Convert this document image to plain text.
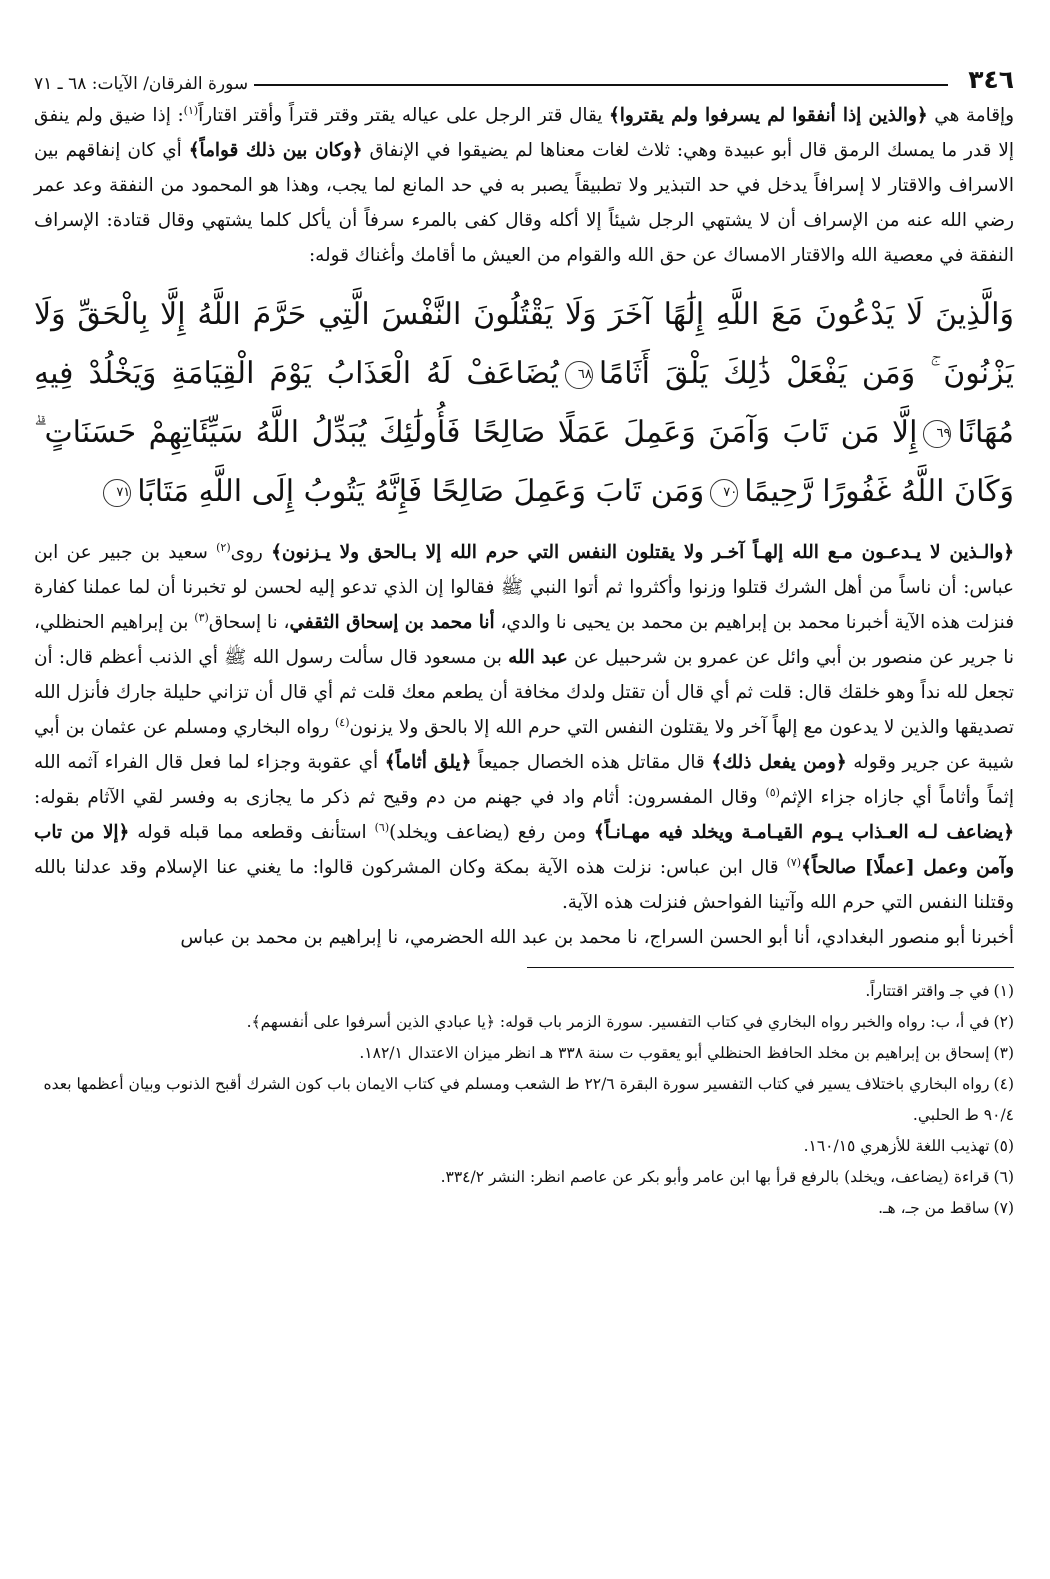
٣٤٦
سورة الفرقان/ الآيات: ٦٨ ـ ٧١

وإقامة هي ﴿والذين إذا أنفقوا لم يسرفوا ولم يقتروا﴾ يقال قتر الرجل على عياله يقتر وقتر قتراً وأقتر اقتاراً$^{(١)}$: إذا ضيق ولم ينفق إلا قدر ما يمسك الرمق قال أبو عبيدة وهي: ثلاث لغات معناها لم يضيقوا في الإنفاق ﴿وكان بين ذلك قواماً﴾ أي كان إنفاقهم بين الاسراف والاقتار لا إسرافاً يدخل في حد التبذير ولا تطبيقاً يصبر به في حد المانع لما يجب، وهذا هو المحمود من النفقة وعد عمر رضي الله عنه من الإسراف أن لا يشتهي الرجل شيئاً إلا أكله وقال كفى بالمرء سرفاً أن يأكل كلما يشتهي وقال قتادة: الإسراف النفقة في معصية الله والاقتار الامساك عن حق الله والقوام من العيش ما أقامك وأغناك قوله:

وَالَّذِينَ لَا يَدْعُونَ مَعَ اللَّهِ إِلَٰهًا آخَرَ وَلَا يَقْتُلُونَ النَّفْسَ الَّتِي حَرَّمَ اللَّهُ إِلَّا بِالْحَقِّ وَلَا يَزْنُونَ ۚ وَمَن يَفْعَلْ ذَٰلِكَ يَلْقَ أَثَامًا٦٨يُضَاعَفْ لَهُ الْعَذَابُ يَوْمَ الْقِيَامَةِ وَيَخْلُدْ فِيهِ مُهَانًا٦٩إِلَّا مَن تَابَ وَآمَنَ وَعَمِلَ عَمَلًا صَالِحًا فَأُولَٰئِكَ يُبَدِّلُ اللَّهُ سَيِّئَاتِهِمْ حَسَنَاتٍ ۗ وَكَانَ اللَّهُ غَفُورًا رَّحِيمًا٧٠وَمَن تَابَ وَعَمِلَ صَالِحًا فَإِنَّهُ يَتُوبُ إِلَى اللَّهِ مَتَابًا٧١

﴿والـذين لا يـدعـون مـع الله إلهـاً آخـر ولا يقتلون النفس التي حرم الله إلا بـالحق ولا يـزنون﴾ روى$^{(٢)}$ سعيد بن جبير عن ابن عباس: أن ناساً من أهل الشرك قتلوا وزنوا وأكثروا ثم أتوا النبي ﷺ فقالوا إن الذي تدعو إليه لحسن لو تخبرنا أن لما عملنا كفارة فنزلت هذه الآية أخبرنا محمد بن إبراهيم بن محمد بن يحيى نا والدي، أنا محمد بن إسحاق الثقفي، نا إسحاق$^{(٣)}$ بن إبراهيم الحنظلي، نا جرير عن منصور بن أبي وائل عن عمرو بن شرحبيل عن عبد الله بن مسعود قال سألت رسول الله ﷺ أي الذنب أعظم قال: أن تجعل لله نداً وهو خلقك قال: قلت ثم أي قال أن تقتل ولدك مخافة أن يطعم معك قلت ثم أي قال أن تزاني حليلة جارك فأنزل الله تصديقها والذين لا يدعون مع إلهاً آخر ولا يقتلون النفس التي حرم الله إلا بالحق ولا يزنون$^{(٤)}$ رواه البخاري ومسلم عن عثمان بن أبي شيبة عن جرير وقوله ﴿ومن يفعل ذلك﴾ قال مقاتل هذه الخصال جميعاً ﴿يلق أثاماً﴾ أي عقوبة وجزاء لما فعل قال الفراء آثمه الله إثماً وأثاماً أي جازاه جزاء الإثم$^{(٥)}$ وقال المفسرون: أثام واد في جهنم من دم وقيح ثم ذكر ما يجازى به وفسر لقي الآثام بقوله: ﴿يضاعف لـه العـذاب يـوم القيـامـة ويخلد فيه مهـانـاً﴾ ومن رفع (يضاعف ويخلد)$^{(٦)}$ استأنف وقطعه مما قبله قوله ﴿إلا من تاب وآمن وعمل [عملًا] صالحاً﴾$^{(٧)}$ قال ابن عباس: نزلت هذه الآية بمكة وكان المشركون قالوا: ما يغني عنا الإسلام وقد عدلنا بالله وقتلنا النفس التي حرم الله وآتينا الفواحش فنزلت هذه الآية.

أخبرنا أبو منصور البغدادي، أنا أبو الحسن السراج، نا محمد بن عبد الله الحضرمي، نا إبراهيم بن محمد بن عباس

(١)في جـ واقتر اقتتاراً.

(٢)في أ، ب: رواه والخبر رواه البخاري في كتاب التفسير. سورة الزمر باب قوله: ﴿يا عبادي الذين أسرفوا على أنفسهم﴾.

(٣)إسحاق بن إبراهيم بن مخلد الحافظ الحنظلي أبو يعقوب ت سنة ٣٣٨ هـ انظر ميزان الاعتدال ١٨٢/١.

(٤)رواه البخاري باختلاف يسير في كتاب التفسير سورة البقرة ٢٢/٦ ط الشعب ومسلم في كتاب الايمان باب كون الشرك أقبح الذنوب وبيان أعظمها بعده ٩٠/٤ ط الحلبي.

(٥)تهذيب اللغة للأزهري ١٦٠/١٥.

(٦)قراءة (يضاعف، ويخلد) بالرفع قرأ بها ابن عامر وأبو بكر عن عاصم انظر: النشر ٣٣٤/٢.

(٧)ساقط من جـ، هـ.
